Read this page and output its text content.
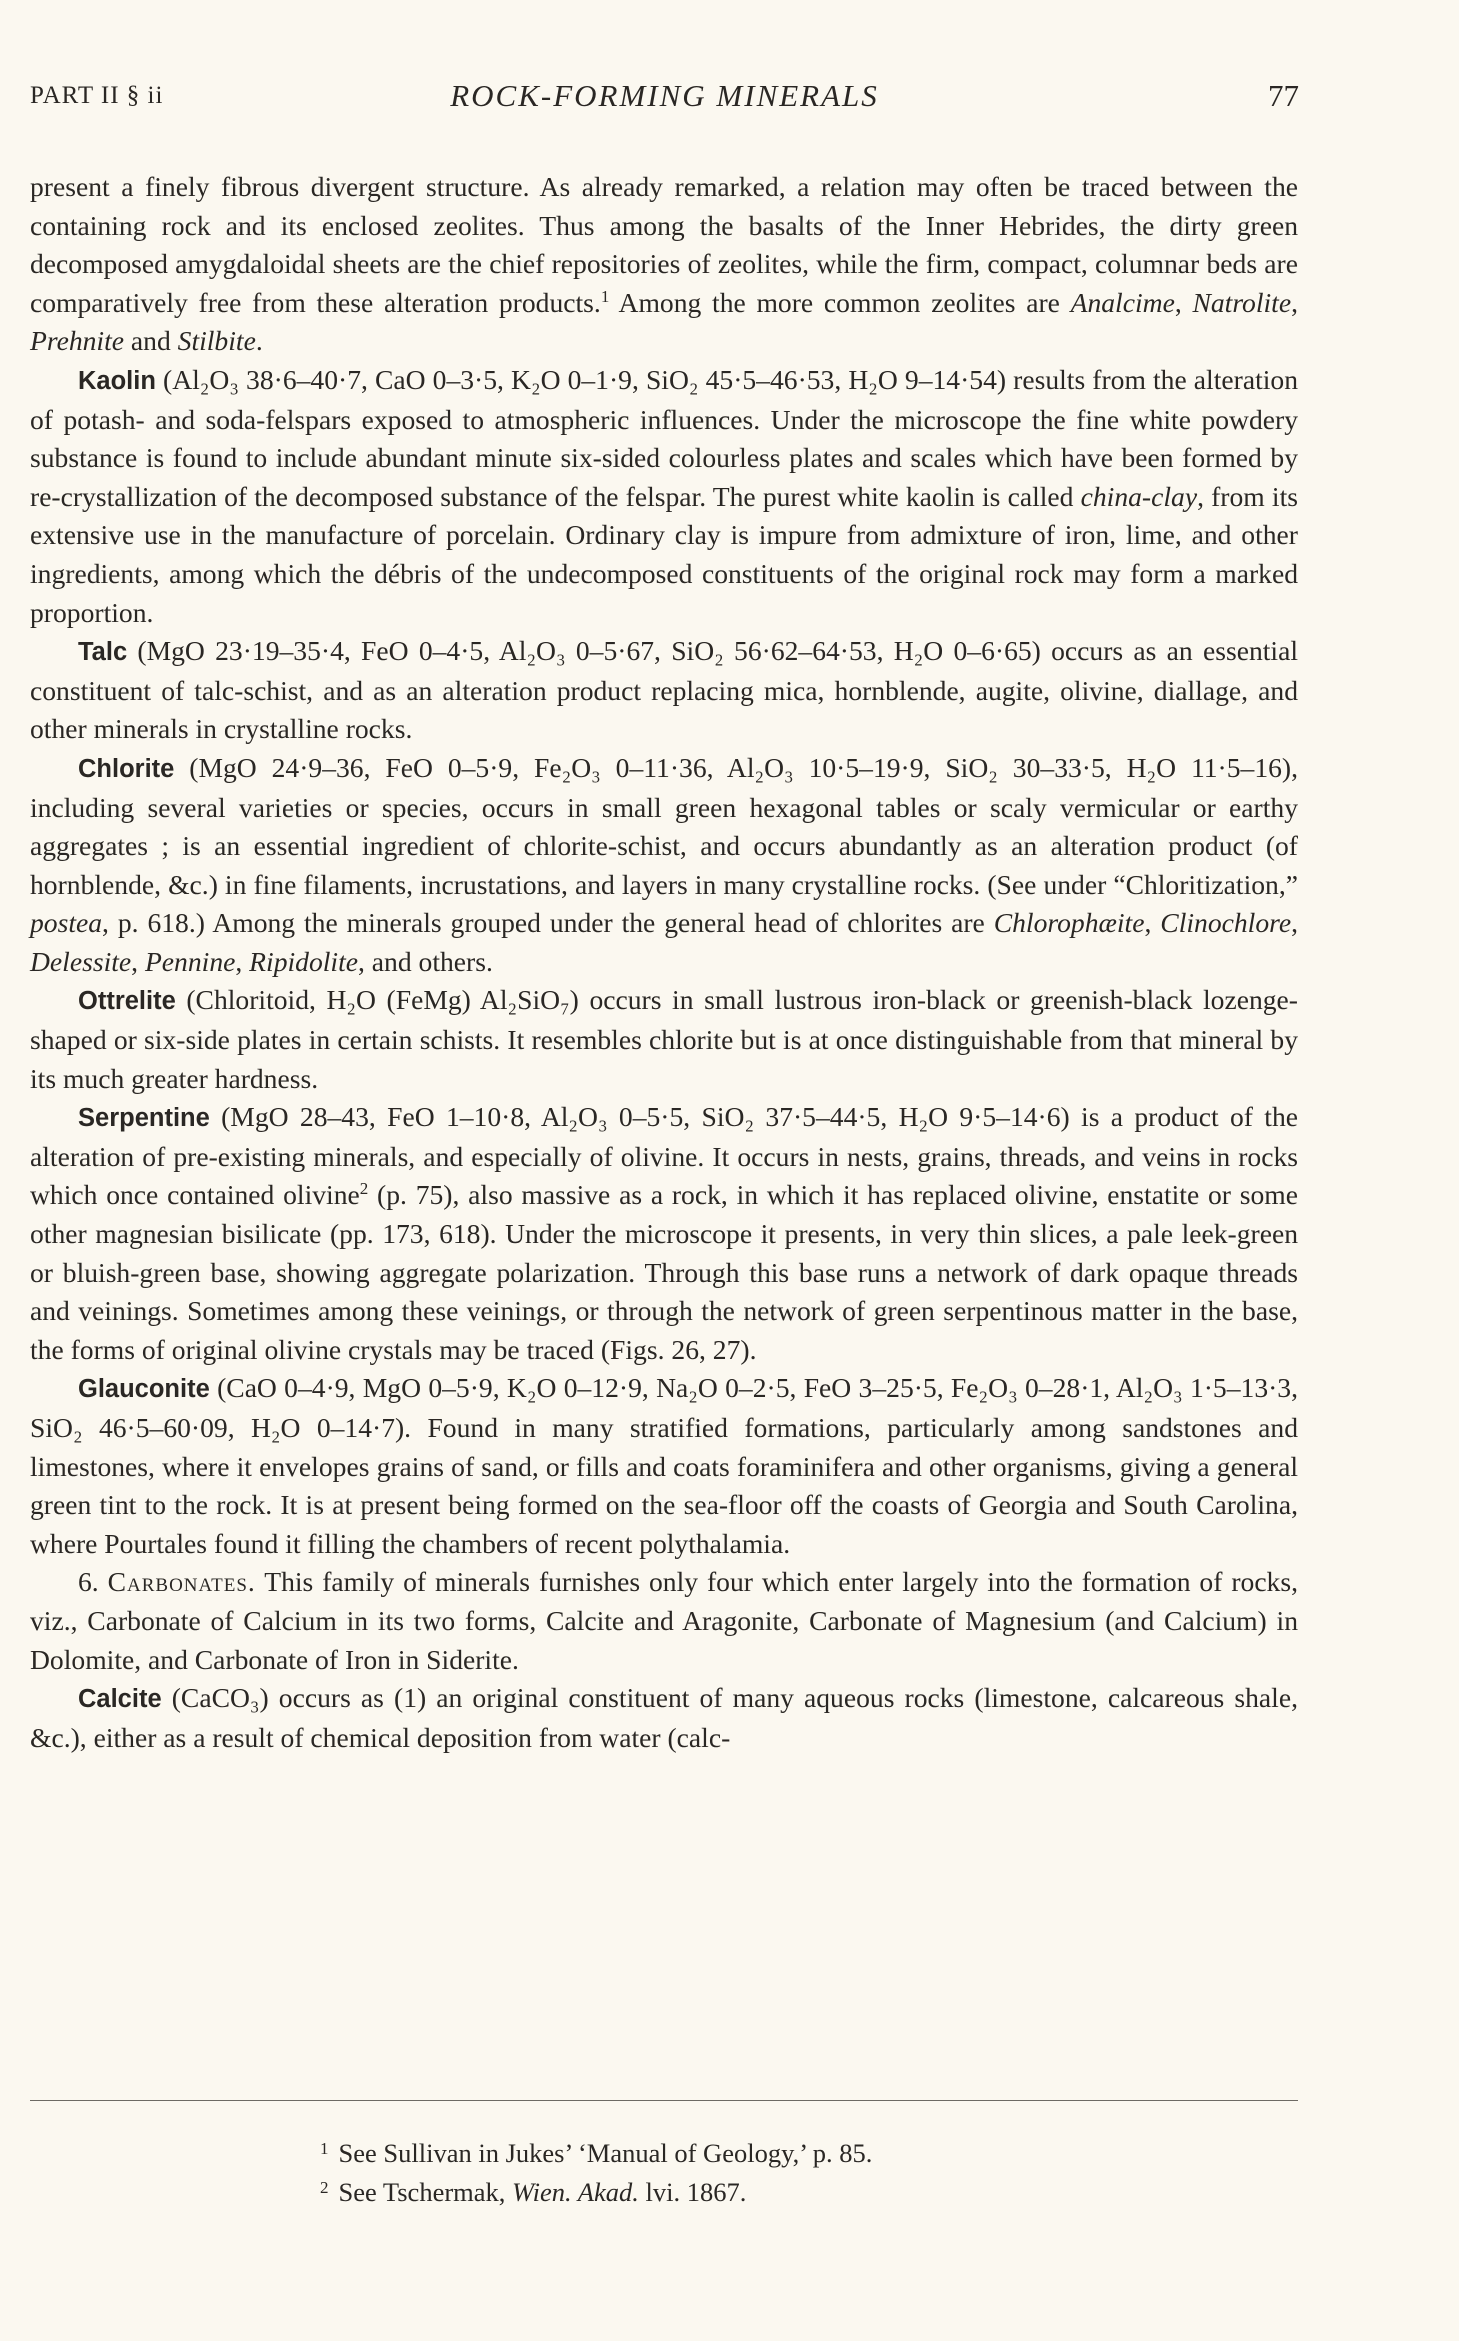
PART II § ii	ROCK-FORMING MINERALS	77

present a finely fibrous divergent structure. As already remarked, a relation may often be traced between the containing rock and its enclosed zeolites. Thus among the basalts of the Inner Hebrides, the dirty green decomposed amygdaloidal sheets are the chief repositories of zeolites, while the firm, compact, columnar beds are comparatively free from these alteration products.$^1$ Among the more common zeolites are Analcime, Natrolite, Prehnite and Stilbite.

Kaolin (Al₂O₃ 38·6–40·7, CaO 0–3·5, K₂O 0–1·9, SiO₂ 45·5–46·53, H₂O 9–14·54) results from the alteration of potash- and soda-felspars exposed to atmospheric influences. Under the microscope the fine white powdery substance is found to include abundant minute six-sided colourless plates and scales which have been formed by re-crystallization of the decomposed substance of the felspar. The purest white kaolin is called china-clay, from its extensive use in the manufacture of porcelain. Ordinary clay is impure from admixture of iron, lime, and other ingredients, among which the débris of the undecomposed constituents of the original rock may form a marked proportion.

Talc (MgO 23·19–35·4, FeO 0–4·5, Al₂O₃ 0–5·67, SiO₂ 56·62–64·53, H₂O 0–6·65) occurs as an essential constituent of talc-schist, and as an alteration product replacing mica, hornblende, augite, olivine, diallage, and other minerals in crystalline rocks.

Chlorite (MgO 24·9–36, FeO 0–5·9, Fe₂O₃ 0–11·36, Al₂O₃ 10·5–19·9, SiO₂ 30–33·5, H₂O 11·5–16), including several varieties or species, occurs in small green hexagonal tables or scaly vermicular or earthy aggregates ; is an essential ingredient of chlorite-schist, and occurs abundantly as an alteration product (of hornblende, &c.) in fine filaments, incrustations, and layers in many crystalline rocks. (See under “Chloritization,” postea, p. 618.) Among the minerals grouped under the general head of chlorites are Chlorophæite, Clinochlore, Delessite, Pennine, Ripidolite, and others.

Ottrelite (Chloritoid, H₂O (FeMg) Al₂SiO₇) occurs in small lustrous iron-black or greenish-black lozenge-shaped or six-side plates in certain schists. It resembles chlorite but is at once distinguishable from that mineral by its much greater hardness.

Serpentine (MgO 28–43, FeO 1–10·8, Al₂O₃ 0–5·5, SiO₂ 37·5–44·5, H₂O 9·5–14·6) is a product of the alteration of pre-existing minerals, and especially of olivine. It occurs in nests, grains, threads, and veins in rocks which once contained olivine$^2$ (p. 75), also massive as a rock, in which it has replaced olivine, enstatite or some other magnesian bisilicate (pp. 173, 618). Under the microscope it presents, in very thin slices, a pale leek-green or bluish-green base, showing aggregate polarization. Through this base runs a network of dark opaque threads and veinings. Sometimes among these veinings, or through the network of green serpentinous matter in the base, the forms of original olivine crystals may be traced (Figs. 26, 27).

Glauconite (CaO 0–4·9, MgO 0–5·9, K₂O 0–12·9, Na₂O 0–2·5, FeO 3–25·5, Fe₂O₃ 0–28·1, Al₂O₃ 1·5–13·3, SiO₂ 46·5–60·09, H₂O 0–14·7). Found in many stratified formations, particularly among sandstones and limestones, where it envelopes grains of sand, or fills and coats foraminifera and other organisms, giving a general green tint to the rock. It is at present being formed on the sea-floor off the coasts of Georgia and South Carolina, where Pourtales found it filling the chambers of recent polythalamia.

6. Carbonates. This family of minerals furnishes only four which enter largely into the formation of rocks, viz., Carbonate of Calcium in its two forms, Calcite and Aragonite, Carbonate of Magnesium (and Calcium) in Dolomite, and Carbonate of Iron in Siderite.

Calcite (CaCO₃) occurs as (1) an original constituent of many aqueous rocks (limestone, calcareous shale, &c.), either as a result of chemical deposition from water (calc-

$^1$ See Sullivan in Jukes’ ‘Manual of Geology,’ p. 85.
$^2$ See Tschermak, Wien. Akad. lvi. 1867.
